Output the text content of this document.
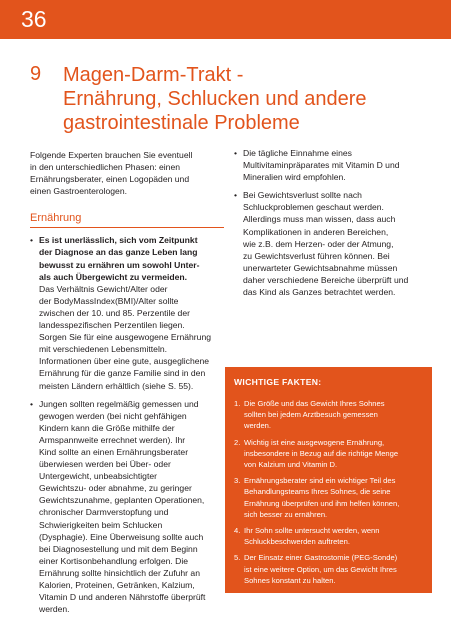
36
9 Magen-Darm-Trakt -
Ernährung, Schlucken und andere
gastrointestinale Probleme
Folgende Experten brauchen Sie eventuell
in den unterschiedlichen Phasen: einen
Ernährungsberater, einen Logopäden und
einen Gastroenterologen.
Ernährung
• Es ist unerlässlich, sich vom Zeitpunkt
der Diagnose an das ganze Leben lang
bewusst zu ernähren um sowohl Unter-
als auch Übergewicht zu vermeiden.
Das Verhältnis Gewicht/Alter oder
der BodyMassIndex(BMI)/Alter sollte
zwischen der 10. und 85. Perzentile der
landesspezifischen Perzentilen liegen.
Sorgen Sie für eine ausgewogene Ernährung
mit verschiedenen Lebensmitteln.
Informationen über eine gute, ausgeglichene
Ernährung für die ganze Familie sind in den
meisten Ländern erhältlich (siehe S. 55).
• Jungen sollten regelmäßig gemessen und
gewogen werden (bei nicht gehfähigen
Kindern kann die Größe mithilfe der
Armspannweite errechnet werden). Ihr
Kind sollte an einen Ernährungsberater
überwiesen werden bei Über- oder
Untergewicht, unbeabsichtigter
Gewichtszu- oder abnahme, zu geringer
Gewichtszunahme, geplanten Operationen,
chronischer Darmverstopfung und
Schwierigkeiten beim Schlucken
(Dysphagie). Eine Überweisung sollte auch
bei Diagnosestellung und mit dem Beginn
einer Kortisonbehandlung erfolgen. Die
Ernährung sollte hinsichtlich der Zufuhr an
Kalorien, Proteinen, Getränken, Kalzium,
Vitamin D und anderen Nährstoffe überprüft
werden.
• Die tägliche Einnahme eines
Multivitaminpräparates mit Vitamin D und
Mineralien wird empfohlen.
• Bei Gewichtsverlust sollte nach
Schluckproblemen geschaut werden.
Allerdings muss man wissen, dass auch
Komplikationen in anderen Bereichen,
wie z.B. dem Herzen- oder der Atmung,
zu Gewichtsverlust führen können. Bei
unerwarteter Gewichtsabnahme müssen
daher verschiedene Bereiche überprüft und
das Kind als Ganzes betrachtet werden.
WICHTIGE FAKTEN:
1. Die Größe und das Gewicht Ihres Sohnes
sollten bei jedem Arztbesuch gemessen
werden.
2. Wichtig ist eine ausgewogene Ernährung,
insbesondere in Bezug auf die richtige Menge
von Kalzium und Vitamin D.
3. Ernährungsberater sind ein wichtiger Teil des
Behandlungsteams Ihres Sohnes, die seine
Ernährung überprüfen und ihm helfen können,
sich besser zu ernähren.
4. Ihr Sohn sollte untersucht werden, wenn
Schluckbeschwerden auftreten.
5. Der Einsatz einer Gastrostomie (PEG-Sonde)
ist eine weitere Option, um das Gewicht Ihres
Sohnes konstant zu halten.
